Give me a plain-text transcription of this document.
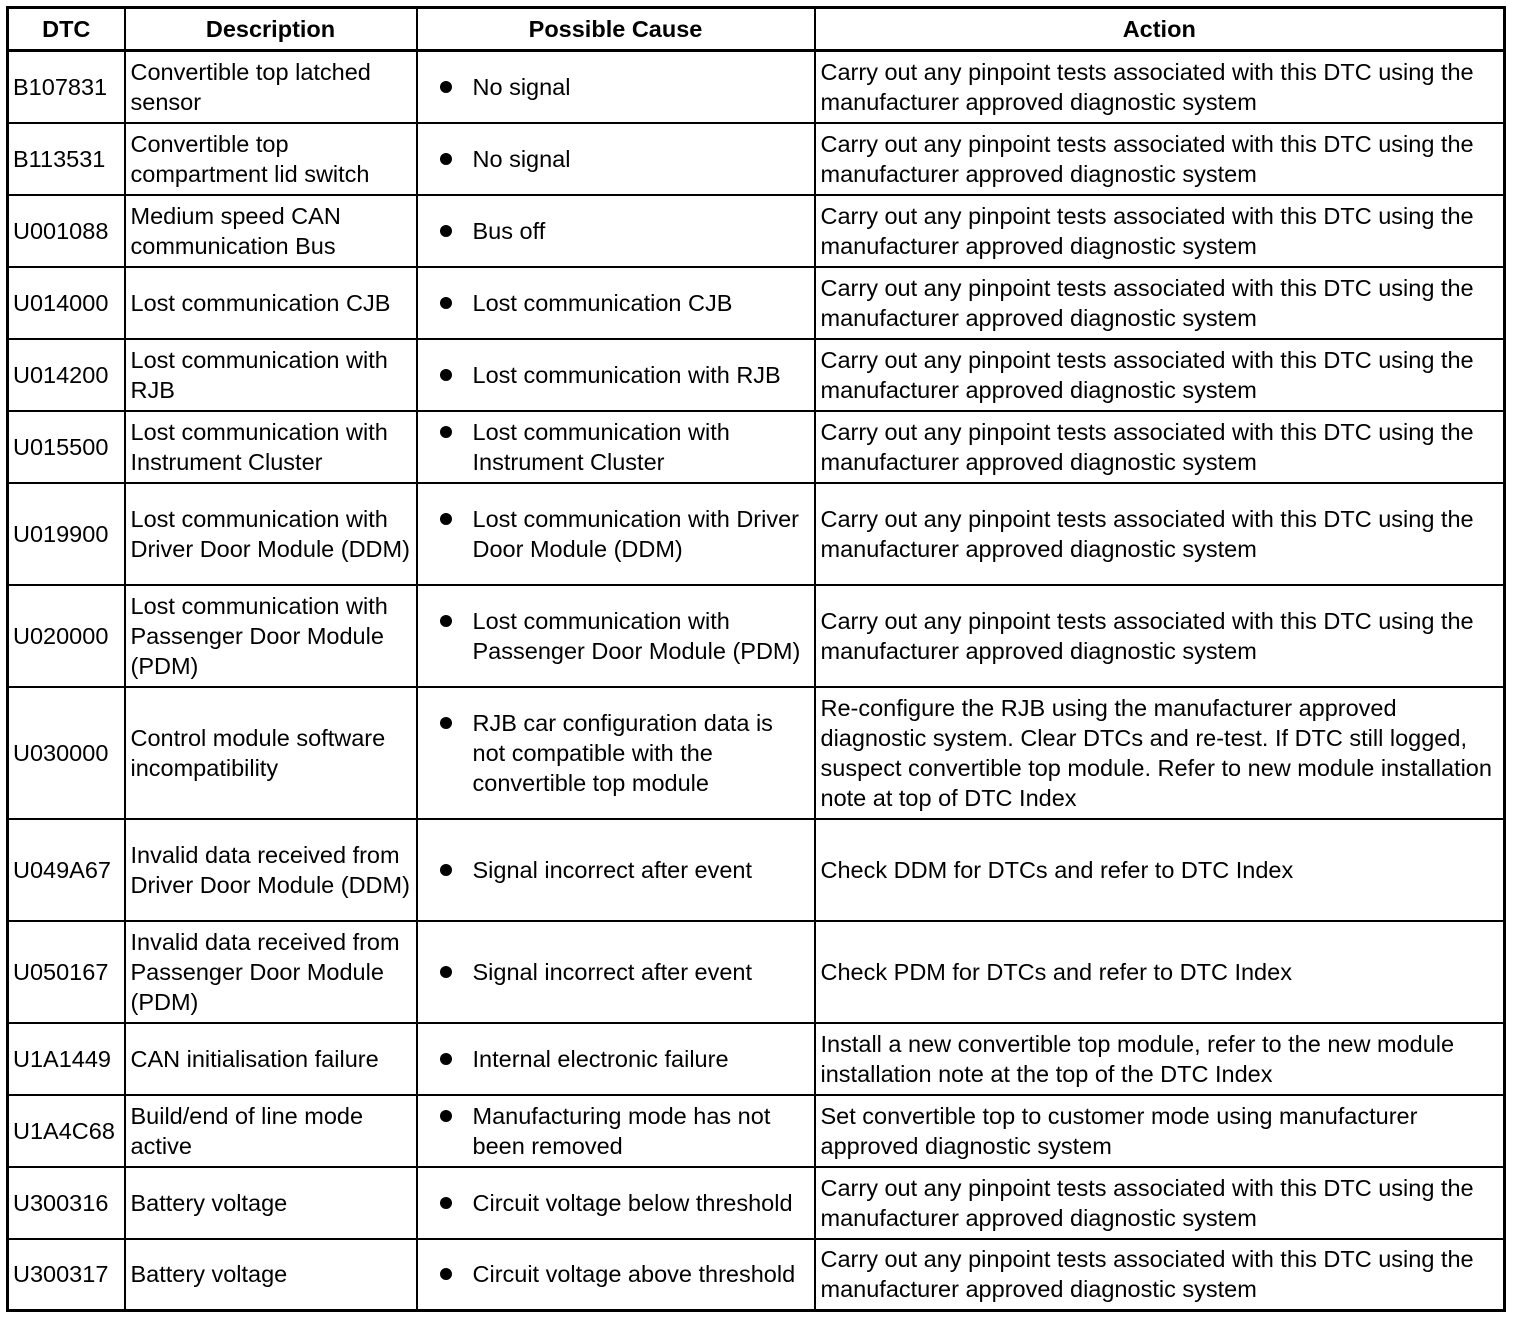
DTC	Description	Possible Cause	Action
B107831	Convertible top latched sensor	No signal	Carry out any pinpoint tests associated with this DTC using the manufacturer approved diagnostic system
B113531	Convertible top compartment lid switch	No signal	Carry out any pinpoint tests associated with this DTC using the manufacturer approved diagnostic system
U001088	Medium speed CAN communication Bus	Bus off	Carry out any pinpoint tests associated with this DTC using the manufacturer approved diagnostic system
U014000	Lost communication CJB	Lost communication CJB	Carry out any pinpoint tests associated with this DTC using the manufacturer approved diagnostic system
U014200	Lost communication with RJB	Lost communication with RJB	Carry out any pinpoint tests associated with this DTC using the manufacturer approved diagnostic system
U015500	Lost communication with Instrument Cluster	Lost communication with Instrument Cluster	Carry out any pinpoint tests associated with this DTC using the manufacturer approved diagnostic system
U019900	Lost communication with Driver Door Module (DDM)	Lost communication with Driver Door Module (DDM)	Carry out any pinpoint tests associated with this DTC using the manufacturer approved diagnostic system
U020000	Lost communication with Passenger Door Module (PDM)	Lost communication with Passenger Door Module (PDM)	Carry out any pinpoint tests associated with this DTC using the manufacturer approved diagnostic system
U030000	Control module software incompatibility	RJB car configuration data is not compatible with the convertible top module	Re-configure the RJB using the manufacturer approved diagnostic system. Clear DTCs and re-test. If DTC still logged, suspect convertible top module. Refer to new module installation note at top of DTC Index
U049A67	Invalid data received from Driver Door Module (DDM)	Signal incorrect after event	Check DDM for DTCs and refer to DTC Index
U050167	Invalid data received from Passenger Door Module (PDM)	Signal incorrect after event	Check PDM for DTCs and refer to DTC Index
U1A1449	CAN initialisation failure	Internal electronic failure	Install a new convertible top module, refer to the new module installation note at the top of the DTC Index
U1A4C68	Build/end of line mode active	Manufacturing mode has not been removed	Set convertible top to customer mode using manufacturer approved diagnostic system
U300316	Battery voltage	Circuit voltage below threshold	Carry out any pinpoint tests associated with this DTC using the manufacturer approved diagnostic system
U300317	Battery voltage	Circuit voltage above threshold	Carry out any pinpoint tests associated with this DTC using the manufacturer approved diagnostic system
